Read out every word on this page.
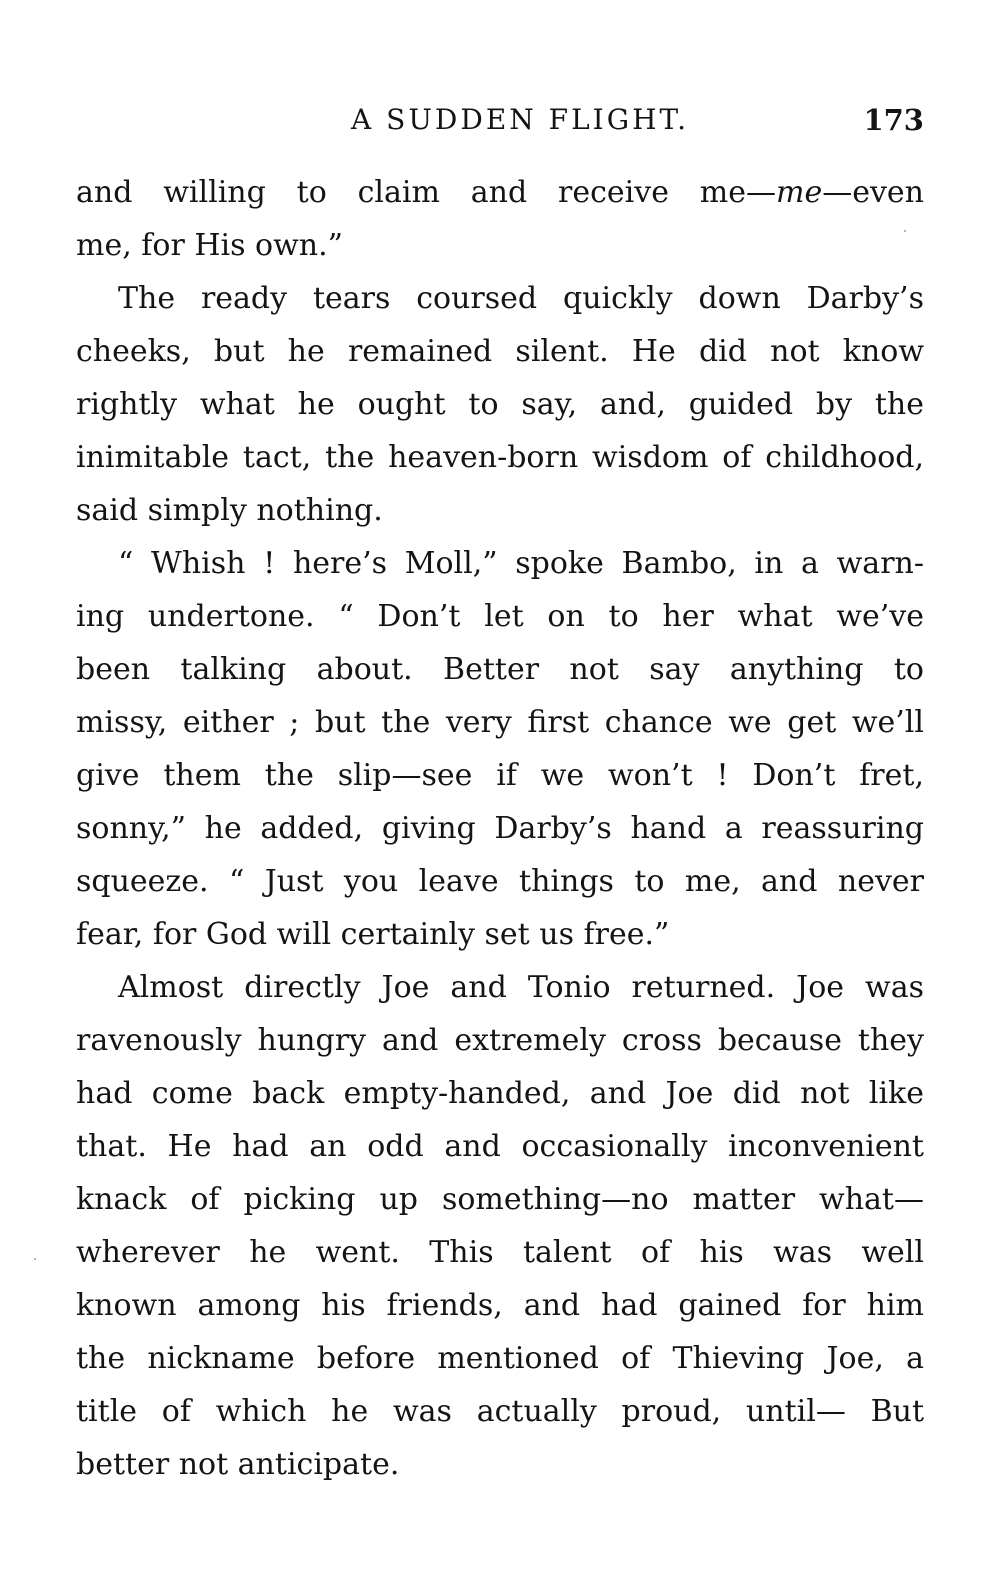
A SUDDEN FLIGHT.	173
and willing to claim and receive me—me—even
me, for His own.”
The ready tears coursed quickly down Darby’s
cheeks, but he remained silent. He did not know
rightly what he ought to say, and, guided by the
inimitable tact, the heaven-born wisdom of childhood,
said simply nothing.
“ Whish ! here’s Moll,” spoke Bambo, in a warn-
ing undertone. “ Don’t let on to her what we’ve
been talking about. Better not say anything to
missy, either ; but the very first chance we get we’ll
give them the slip—see if we won’t ! Don’t fret,
sonny,” he added, giving Darby’s hand a reassuring
squeeze. “ Just you leave things to me, and never
fear, for God will certainly set us free.”
Almost directly Joe and Tonio returned. Joe was
ravenously hungry and extremely cross because they
had come back empty-handed, and Joe did not like
that. He had an odd and occasionally inconvenient
knack of picking up something—no matter what—
wherever he went. This talent of his was well
known among his friends, and had gained for him
the nickname before mentioned of Thieving Joe, a
title of which he was actually proud, until— But
better not anticipate.
